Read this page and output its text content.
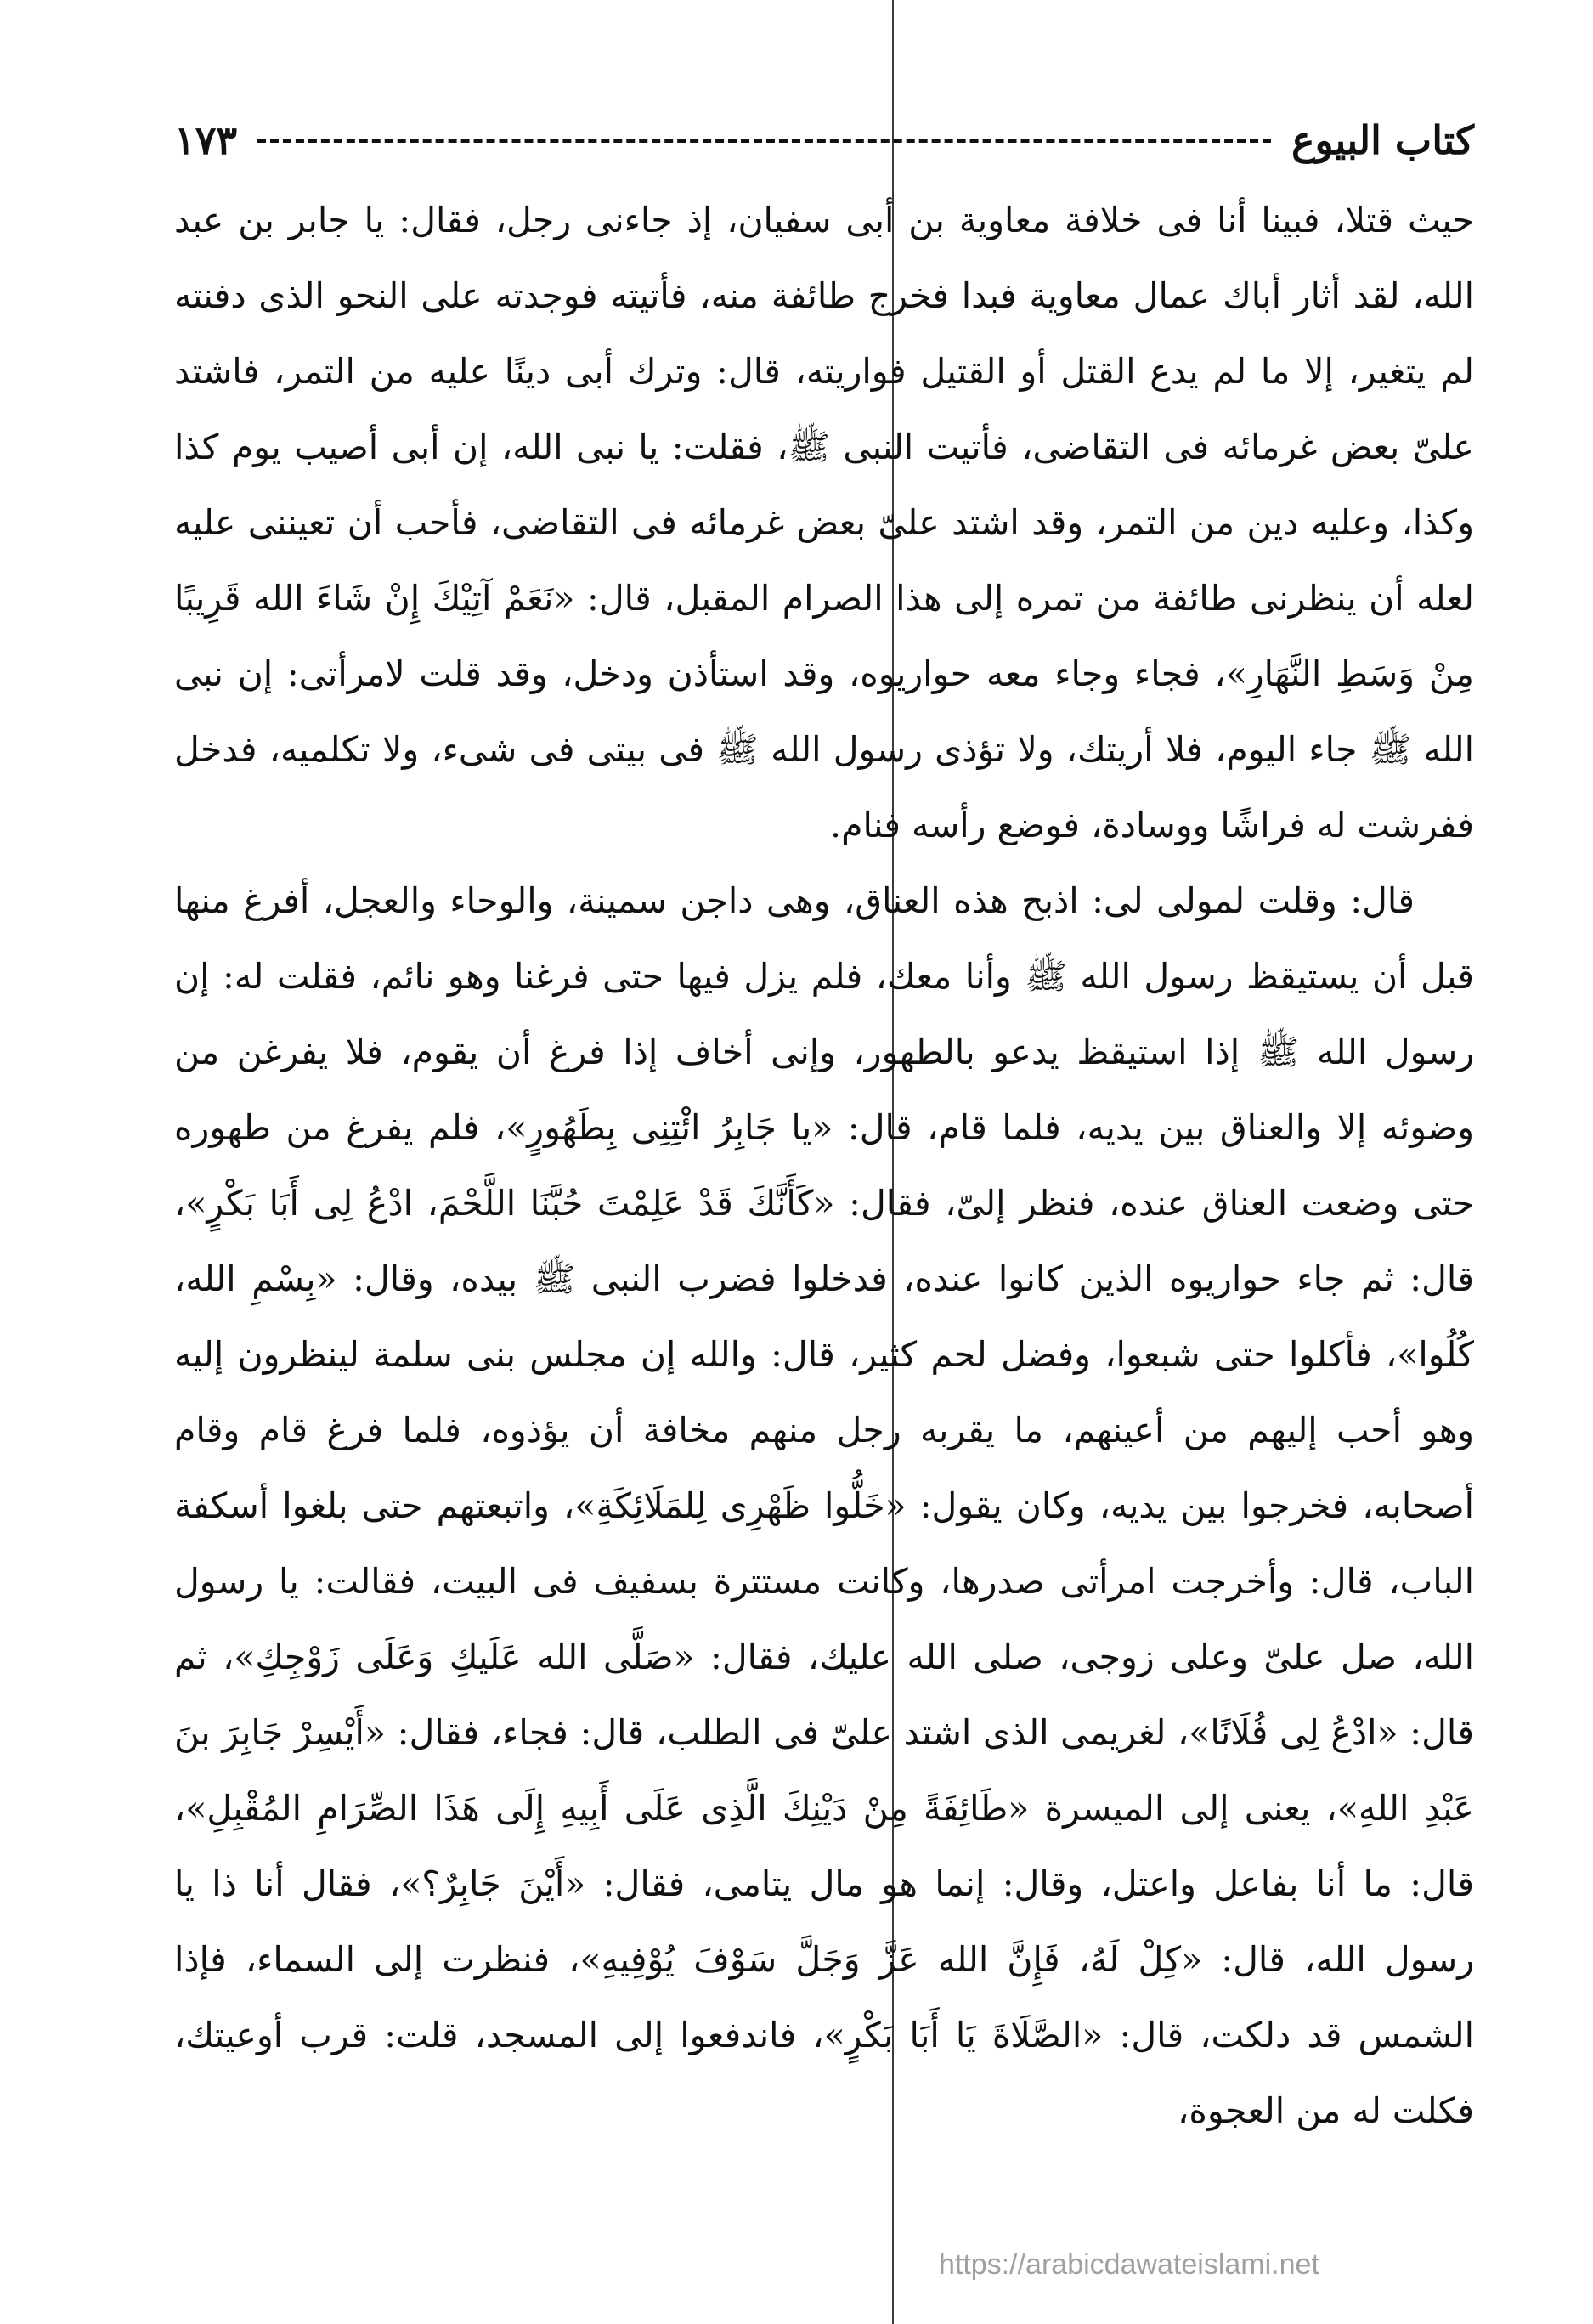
كتاب البيوع
١٧٣

حيث قتلا، فبينا أنا فى خلافة معاوية بن أبى سفيان، إذ جاءنى رجل، فقال: يا جابر بن عبد الله، لقد أثار أباك عمال معاوية فبدا فخرج طائفة منه، فأتيته فوجدته على النحو الذى دفنته لم يتغير، إلا ما لم يدع القتل أو القتيل فواريته، قال: وترك أبى دينًا عليه من التمر، فاشتد علىّ بعض غرمائه فى التقاضى، فأتيت النبى ﷺ، فقلت: يا نبى الله، إن أبى أصيب يوم كذا وكذا، وعليه دين من التمر، وقد اشتد علىّ بعض غرمائه فى التقاضى، فأحب أن تعيننى عليه لعله أن ينظرنى طائفة من تمره إلى هذا الصرام المقبل، قال: «نَعَمْ آتِيْكَ إِنْ شَاءَ الله قَرِيبًا مِنْ وَسَطِ النَّهَارِ»، فجاء وجاء معه حواريوه، وقد استأذن ودخل، وقد قلت لامرأتى: إن نبى الله ﷺ جاء اليوم، فلا أريتك، ولا تؤذى رسول الله ﷺ فى بيتى فى شىء، ولا تكلميه، فدخل ففرشت له فراشًا ووسادة، فوضع رأسه فنام.

قال: وقلت لمولى لى: اذبح هذه العناق، وهى داجن سمينة، والوحاء والعجل، أفرغ منها قبل أن يستيقظ رسول الله ﷺ وأنا معك، فلم يزل فيها حتى فرغنا وهو نائم، فقلت له: إن رسول الله ﷺ إذا استيقظ يدعو بالطهور، وإنى أخاف إذا فرغ أن يقوم، فلا يفرغن من وضوئه إلا والعناق بين يديه، فلما قام، قال: «يا جَابِرُ ائْتِنِى بِطَهُورٍ»، فلم يفرغ من طهوره حتى وضعت العناق عنده، فنظر إلىّ، فقال: «كَأَنَّكَ قَدْ عَلِمْتَ حُبَّنَا اللَّحْمَ، ادْعُ لِى أَبَا بَكْرٍ»، قال: ثم جاء حواريوه الذين كانوا عنده، فدخلوا فضرب النبى ﷺ بيده، وقال: «بِسْمِ الله، كُلُوا»، فأكلوا حتى شبعوا، وفضل لحم كثير، قال: والله إن مجلس بنى سلمة لينظرون إليه وهو أحب إليهم من أعينهم، ما يقربه رجل منهم مخافة أن يؤذوه، فلما فرغ قام وقام أصحابه، فخرجوا بين يديه، وكان يقول: «خَلُّوا ظَهْرِى لِلمَلَائِكَةِ»، واتبعتهم حتى بلغوا أسكفة الباب، قال: وأخرجت امرأتى صدرها، وكانت مستترة بسفيف فى البيت، فقالت: يا رسول الله، صل علىّ وعلى زوجى، صلى الله عليك، فقال: «صَلَّى الله عَلَيكِ وَعَلَى زَوْجِكِ»، ثم قال: «ادْعُ لِى فُلَانًا»، لغريمى الذى اشتد علىّ فى الطلب، قال: فجاء، فقال: «أَيْسِرْ جَابِرَ بنَ عَبْدِ اللهِ»، يعنى إلى الميسرة «طَائِفَةً مِنْ دَيْنِكَ الَّذِى عَلَى أَبِيهِ إِلَى هَذَا الصِّرَامِ المُقْبِلِ»، قال: ما أنا بفاعل واعتل، وقال: إنما هو مال يتامى، فقال: «أَيْنَ جَابِرٌ؟»، فقال أنا ذا يا رسول الله، قال: «كِلْ لَهُ، فَإِنَّ الله عَزَّ وَجَلَّ سَوْفَ يُوْفِيهِ»، فنظرت إلى السماء، فإذا الشمس قد دلكت، قال: «الصَّلَاةَ يَا أَبَا بَكْرٍ»، فاندفعوا إلى المسجد، قلت: قرب أوعيتك، فكلت له من العجوة،

https://arabicdawateislami.net
